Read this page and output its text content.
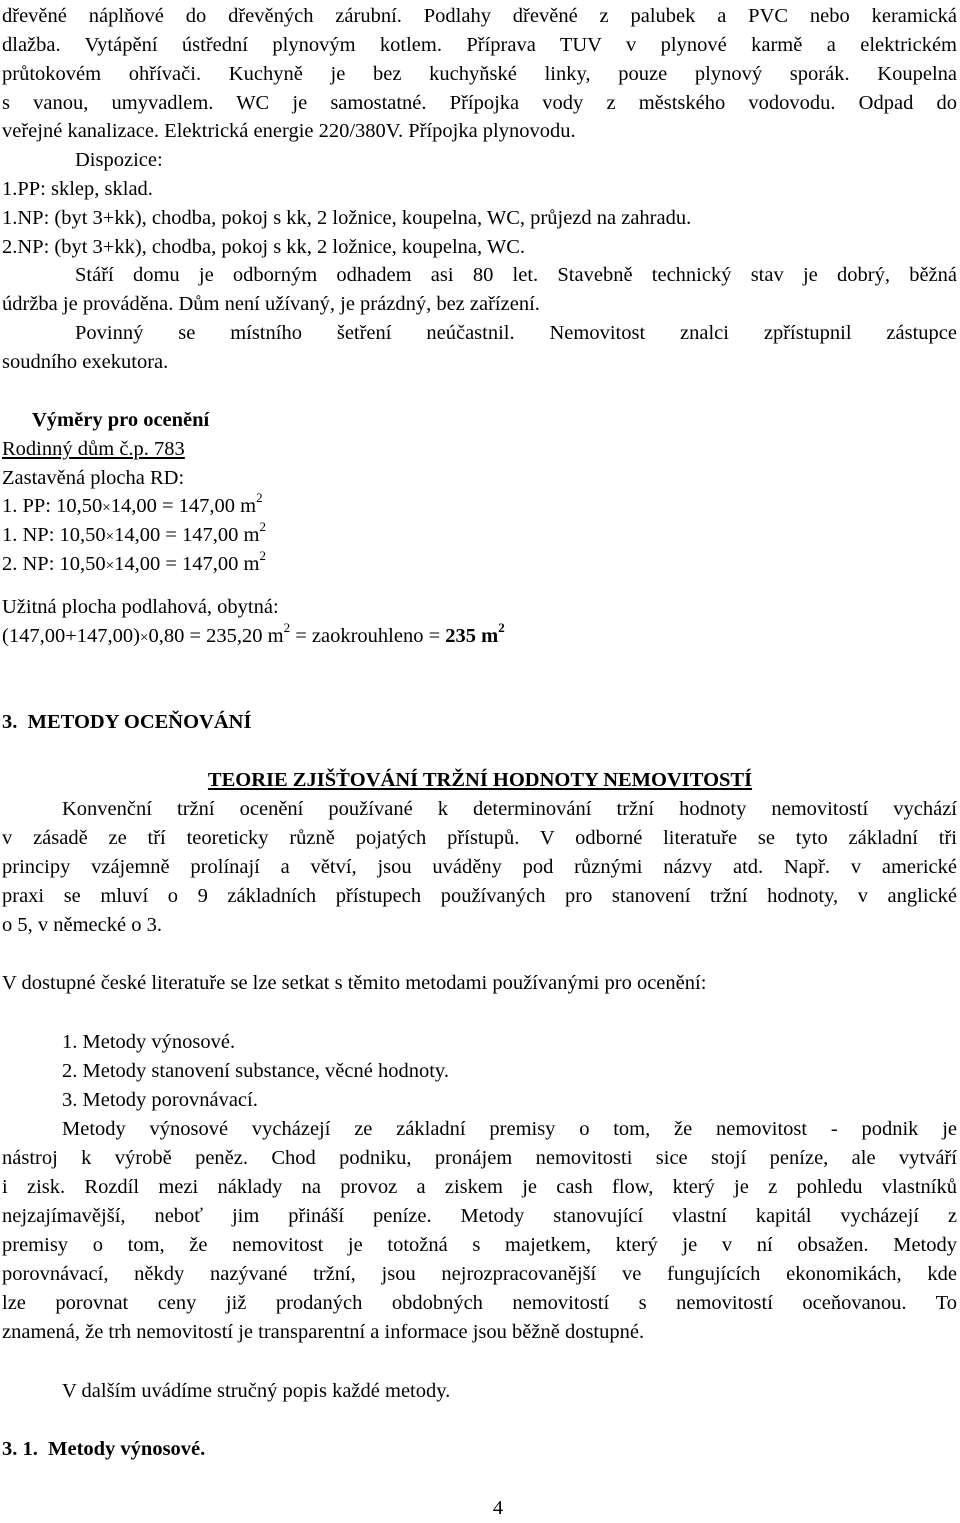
dřevěné náplňové do dřevěných zárubní. Podlahy dřevěné z palubek a PVC nebo keramická
dlažba. Vytápění ústřední plynovým kotlem. Příprava TUV v plynové karmě a elektrickém
průtokovém ohřívači. Kuchyně je bez kuchyňské linky, pouze plynový sporák. Koupelna
s vanou, umyvadlem. WC je samostatné. Přípojka vody z městského vodovodu. Odpad do
veřejné kanalizace. Elektrická energie 220/380V. Přípojka plynovodu.
Dispozice:
1.PP: sklep, sklad.
1.NP: (byt 3+kk), chodba, pokoj s kk, 2 ložnice, koupelna, WC, průjezd na zahradu.
2.NP: (byt 3+kk), chodba, pokoj s kk, 2 ložnice, koupelna, WC.
Stáří domu je odborným odhadem asi 80 let. Stavebně technický stav je dobrý, běžná
údržba je prováděna. Dům není užívaný, je prázdný, bez zařízení.
Povinný se místního šetření neúčastnil. Nemovitost znalci zpřístupnil zástupce
soudního exekutora.
Výměry pro ocenění
Rodinný dům č.p. 783
Zastavěná plocha RD:
1. PP: 10,50×14,00 = 147,00 $m^2$
1. NP: 10,50×14,00 = 147,00 $m^2$
2. NP: 10,50×14,00 = 147,00 $m^2$
Užitná plocha podlahová, obytná:
(147,00+147,00)×0,80 = 235,20 $m^2$ = zaokrouhleno = 235 $m^2$
3.  METODY OCEŇOVÁNÍ
TEORIE ZJIŠŤOVÁNÍ TRŽNÍ HODNOTY NEMOVITOSTÍ
Konvenční tržní ocenění používané k determinování tržní hodnoty nemovitostí vychází
v zásadě ze tří teoreticky různě pojatých přístupů. V odborné literatuře se tyto základní tři
principy vzájemně prolínají a větví, jsou uváděny pod různými názvy atd. Např. v americké
praxi se mluví o 9 základních přístupech používaných pro stanovení tržní hodnoty, v anglické
o 5, v německé o 3.
V dostupné české literatuře se lze setkat s těmito metodami používanými pro ocenění:
1. Metody výnosové.
2. Metody stanovení substance, věcné hodnoty.
3. Metody porovnávací.
Metody výnosové vycházejí ze základní premisy o tom, že nemovitost - podnik je
nástroj k výrobě peněz. Chod podniku, pronájem nemovitosti sice stojí peníze, ale vytváří
i zisk. Rozdíl mezi náklady na provoz a ziskem je cash flow, který je z pohledu vlastníků
nejzajímavější, neboť jim přináší peníze. Metody stanovující vlastní kapitál vycházejí z
premisy o tom, že nemovitost je totožná s majetkem, který je v ní obsažen. Metody
porovnávací, někdy nazývané tržní, jsou nejrozpracovanější ve fungujících ekonomikách, kde
lze porovnat ceny již prodaných obdobných nemovitostí s nemovitostí oceňovanou. To
znamená, že trh nemovitostí je transparentní a informace jsou běžně dostupné.
V dalším uvádíme stručný popis každé metody.
3. 1.  Metody výnosové.
4
